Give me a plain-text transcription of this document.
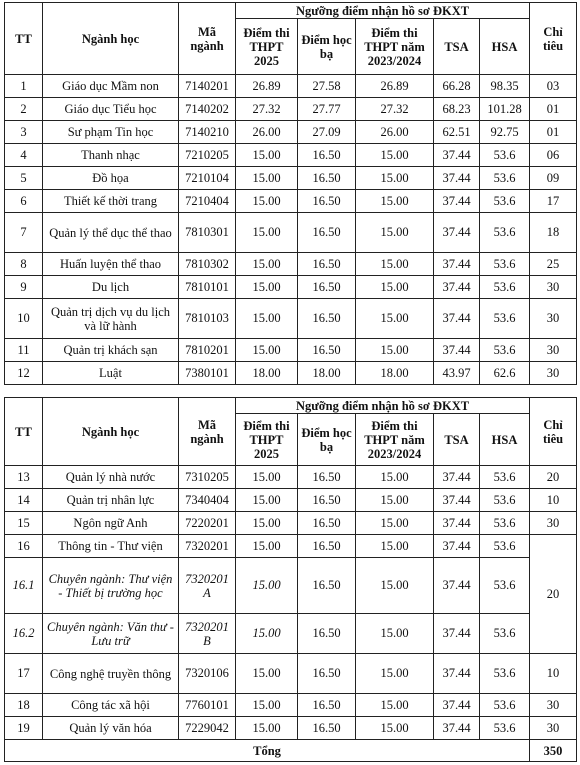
TT	Ngành học	Mã ngành	Ngưỡng điểm nhận hồ sơ ĐKXT					Chỉ tiêu
			Điểm thi THPT 2025	Điểm học bạ	Điểm thi THPT năm 2023/2024	TSA	HSA	
1	Giáo dục Mầm non	7140201	26.89	27.58	26.89	66.28	98.35	03
2	Giáo dục Tiểu học	7140202	27.32	27.77	27.32	68.23	101.28	01
3	Sư phạm Tin học	7140210	26.00	27.09	26.00	62.51	92.75	01
4	Thanh nhạc	7210205	15.00	16.50	15.00	37.44	53.6	06
5	Đồ họa	7210104	15.00	16.50	15.00	37.44	53.6	09
6	Thiết kế thời trang	7210404	15.00	16.50	15.00	37.44	53.6	17
7	Quản lý thể dục thể thao	7810301	15.00	16.50	15.00	37.44	53.6	18
8	Huấn luyện thể thao	7810302	15.00	16.50	15.00	37.44	53.6	25
9	Du lịch	7810101	15.00	16.50	15.00	37.44	53.6	30
10	Quản trị dịch vụ du lịch và lữ hành	7810103	15.00	16.50	15.00	37.44	53.6	30
11	Quản trị khách sạn	7810201	15.00	16.50	15.00	37.44	53.6	30
12	Luật	7380101	18.00	18.00	18.00	43.97	62.6	30
TT	Ngành học	Mã ngành	Ngưỡng điểm nhận hồ sơ ĐKXT					Chỉ tiêu
			Điểm thi THPT 2025	Điểm học bạ	Điểm thi THPT năm 2023/2024	TSA	HSA	
13	Quản lý nhà nước	7310205	15.00	16.50	15.00	37.44	53.6	20
14	Quản trị nhân lực	7340404	15.00	16.50	15.00	37.44	53.6	10
15	Ngôn ngữ Anh	7220201	15.00	16.50	15.00	37.44	53.6	30
16	Thông tin - Thư viện	7320201	15.00	16.50	15.00	37.44	53.6	20
16.1	Chuyên ngành: Thư viện - Thiết bị trường học	7320201 A	15.00	16.50	15.00	37.44	53.6	
16.2	Chuyên ngành: Văn thư - Lưu trữ	7320201 B	15.00	16.50	15.00	37.44	53.6	
17	Công nghệ truyền thông	7320106	15.00	16.50	15.00	37.44	53.6	10
18	Công tác xã hội	7760101	15.00	16.50	15.00	37.44	53.6	30
19	Quản lý văn hóa	7229042	15.00	16.50	15.00	37.44	53.6	30
Tổng								350
